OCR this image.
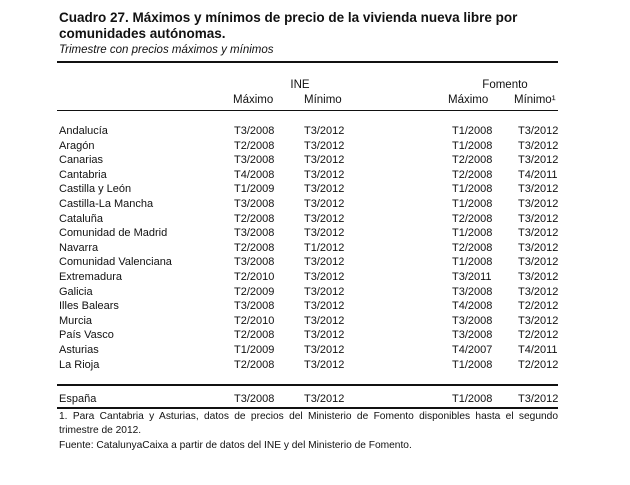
Cuadro 27. Máximos y mínimos de precio de la vivienda nueva libre por comunidades autónomas.
Trimestre con precios máximos y mínimos
INE	Fomento
Máximo	Mínimo	Máximo Mínimo¹
Andalucía	T3/2008	T3/2012	T1/2008 T3/2012
Aragón	T2/2008	T3/2012	T1/2008 T3/2012
Canarias	T3/2008	T3/2012	T2/2008 T3/2012
Cantabria	T4/2008	T3/2012	T2/2008 T4/2011
Castilla y León	T1/2009	T3/2012	T1/2008 T3/2012
Castilla-La Mancha	T3/2008	T3/2012	T1/2008 T3/2012
Cataluña	T2/2008	T3/2012	T2/2008 T3/2012
Comunidad de Madrid	T3/2008	T3/2012	T1/2008 T3/2012
Navarra	T2/2008	T1/2012	T2/2008 T3/2012
Comunidad Valenciana	T3/2008	T3/2012	T1/2008 T3/2012
Extremadura	T2/2010	T3/2012	T3/2011 T3/2012
Galicia	T2/2009	T3/2012	T3/2008 T3/2012
Illes Balears	T3/2008	T3/2012	T4/2008 T2/2012
Murcia	T2/2010	T3/2012	T3/2008 T3/2012
País Vasco	T2/2008	T3/2012	T3/2008 T2/2012
Asturias	T1/2009	T3/2012	T4/2007 T4/2011
La Rioja	T2/2008	T3/2012	T1/2008 T2/2012
España	T3/2008	T3/2012	T1/2008 T3/2012
1. Para Cantabria y Asturias, datos de precios del Ministerio de Fomento disponibles hasta el segundo trimestre de 2012.
Fuente: CatalunyaCaixa a partir de datos del INE y del Ministerio de Fomento.
